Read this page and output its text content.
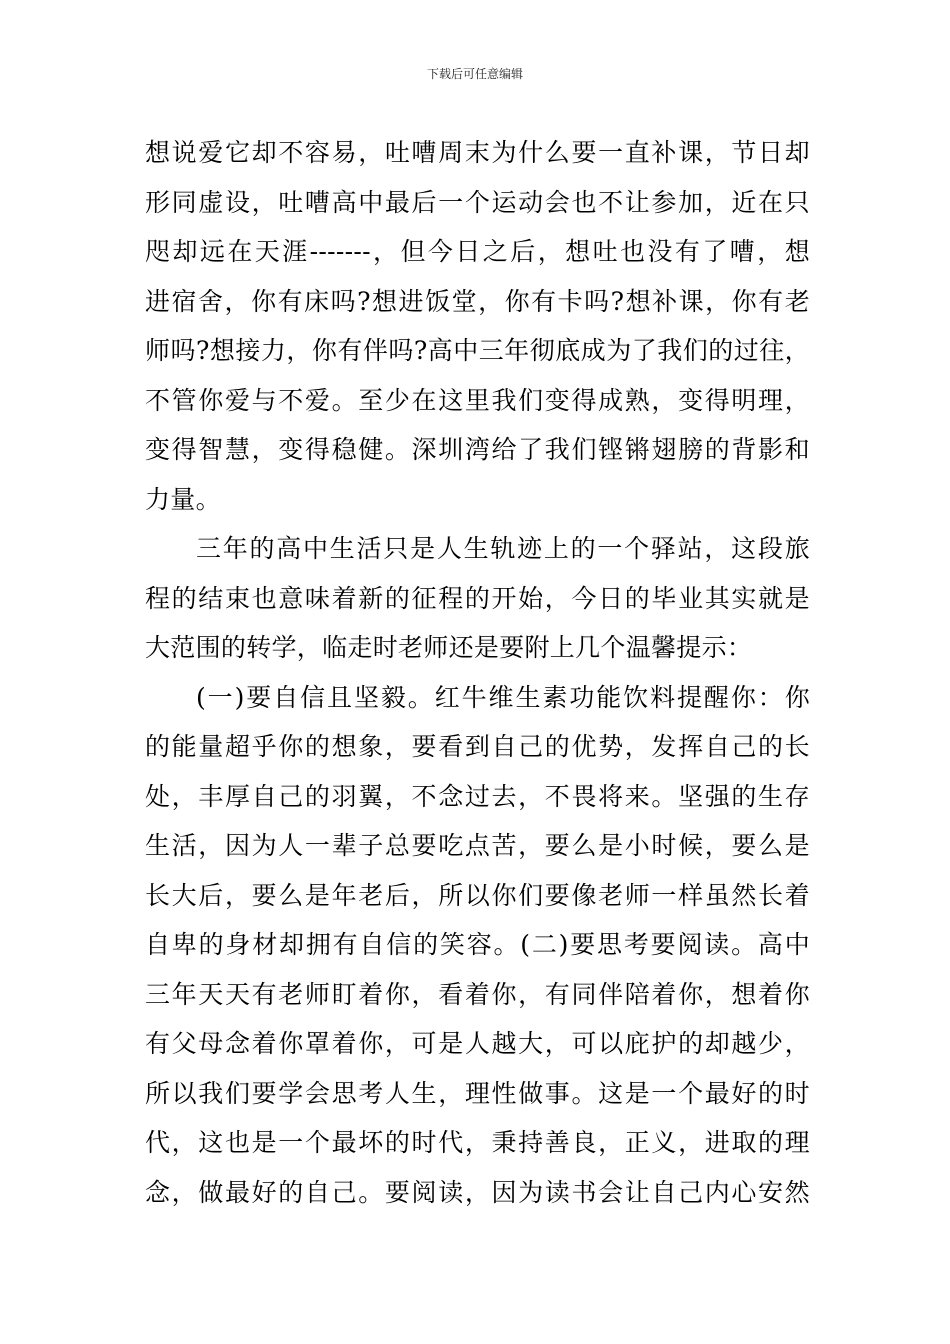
下载后可任意编辑
想说爱它却不容易，吐嘈周末为什么要一直补课，节日却
形同虚设，吐嘈高中最后一个运动会也不让参加，近在只
咫却远在天涯-------，但今日之后，想吐也没有了嘈，想
进宿舍，你有床吗?想进饭堂，你有卡吗?想补课，你有老
师吗?想接力，你有伴吗?高中三年彻底成为了我们的过往，
不管你爱与不爱。至少在这里我们变得成熟，变得明理，
变得智慧，变得稳健。深圳湾给了我们铿锵翅膀的背影和
力量。
三年的高中生活只是人生轨迹上的一个驿站，这段旅
程的结束也意味着新的征程的开始，今日的毕业其实就是
大范围的转学，临走时老师还是要附上几个温馨提示：
(一)要自信且坚毅。红牛维生素功能饮料提醒你：你
的能量超乎你的想象，要看到自己的优势，发挥自己的长
处，丰厚自己的羽翼，不念过去，不畏将来。坚强的生存
生活，因为人一辈子总要吃点苦，要么是小时候，要么是
长大后，要么是年老后，所以你们要像老师一样虽然长着
自卑的身材却拥有自信的笑容。(二)要思考要阅读。高中
三年天天有老师盯着你，看着你，有同伴陪着你，想着你
有父母念着你罩着你，可是人越大，可以庇护的却越少，
所以我们要学会思考人生，理性做事。这是一个最好的时
代，这也是一个最坏的时代，秉持善良，正义，进取的理
念，做最好的自己。要阅读，因为读书会让自己内心安然
